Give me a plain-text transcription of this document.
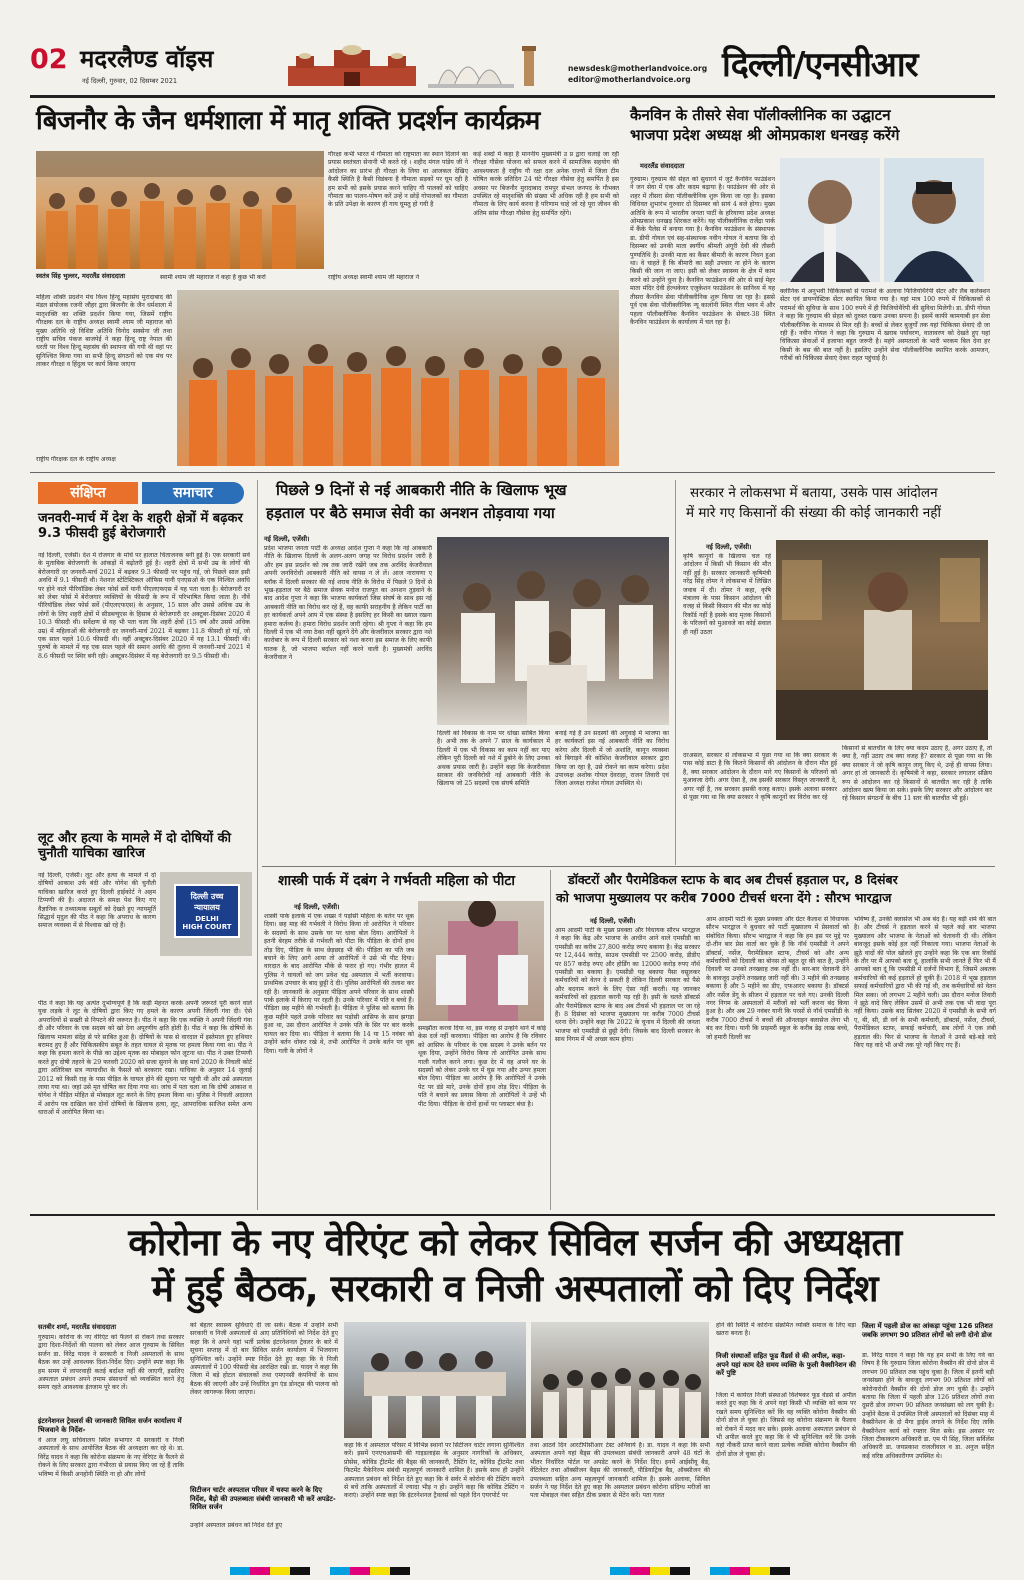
02 मदरलैण्ड वॉइस
नई दिल्ली, गुरुवार, 02 दिसम्बर 2021
newsdesk@motherlandvoice.org
editor@motherlandvoice.org दिल्ली/एनसीआर
बिजनौर के जैन धर्मशाला में मातृ शक्ति प्रदर्शन कार्यक्रम
गौरक्षा कभी भारत में गौमाता को राष्ट्रमाता का स्थान दिलाने का प्रयास स्वतंत्रता सेनानी भी करते रहे । शहीद मंगल पांडेय जी ने आंदोलन का प्रारंभ ही गौरक्षा के लिया था आजकल देखिए कैसी स्थिति है कैसी विडंबना है गौमाता सड़कों पर घूम रही है हम सभी को इसके प्रयास करने चाहिए गौ पालकों को चाहिए गौमाता का पालन-पोषण करें उन्हें न छोड़ें गोपालकों का गौमाता के प्रति उपेक्षा के कारण ही गाय घूमतु हो गयी है
कड़े शब्दों में कहा है माननीय मुख्यमंत्री उ प्र द्वारा चलाई जा रही गौरक्षा गौसेवा योजना को सफल करने में सामाजिक सहयोग की आवश्यकता है राष्ट्रीय गौ रक्षा दल अनेक राज्यों में जिला टीम घोषित करके प्रतिदिन 24 घंटे गौरक्षा गौसेवा हेतु समर्पित है इस अवसर पर बिजनौर मुरादाबाद रामपुर संभल जनपद के गौभक्त उपस्थित रहे मातृशक्ति की संख्या भी अधिक रही है हम सभी को गौमाता के लिए कार्य करना है परिणाम चाहे जो रहे पूरा जीवन की अंतिम सांस गौरक्षा गौसेवा हेतु समर्पित रहेंगे।
स्वतंत्र सिंह भुल्लर, मदरलैंड संवाददाता	स्वामी श्याम जी महाराज ने कहा है कुछ भी करो	राष्ट्रीय अध्यक्ष स्वामी श्याम जी महाराज ने
महिला शक्ति प्रदर्शन मंच विश्व हिन्दू महासंघ मुरादाबाद की मंडल संयोजक रजनी जौहर द्वारा बिजनौर के जैन धर्मशाला में मातृशक्ति का शक्ति प्रदर्शन किया गया, जिसमें राष्ट्रीय गौरक्षक दल के राष्ट्रीय अध्यक्ष स्वामी श्याम जी महाराज को मुख्य अतिथि रहे विशिष्ट अतिथि विनोद सक्सेना जी तथा राष्ट्रीय सचिव पंकज बाजपेई ने कहा हिन्दू राष्ट्र नेपाल की धरती पर विश्व हिन्दू महासंघ की स्थापना की गयी थी वहां पर सुनिश्चित किया गया था सभी हिन्दू संगठनों को एक मंच पर लाकर गौरक्षा व हिंदुत्व पर कार्य किया जाएगा
राष्ट्रीय गौरक्षक दल के राष्ट्रीय अध्यक्ष
कैनविन के तीसरे सेवा पॉलीक्लीनिक का उद्घाटन
भाजपा प्रदेश अध्यक्ष श्री ओमप्रकाश धनखड़ करेंगे
मदरलैंड संवाददाता
गुरुग्राम। गुरुग्राम की सेहत को सुधारने में जुटे कैनविन फाउंडेशन ने जन सेवा में एक और कदम बढ़ाया है। फाउंडेशन की ओर से शहर में तीसरा सेवा पॉलीक्लीनिक शुरू किया जा रहा है। इसका विधिवत शुभारंभ गुरुवार दो दिसम्बर को सायं 4 बजे होगा। मुख्य अतिथि के रूप में भारतीय जनता पार्टी के हरियाणा प्रदेश अध्यक्ष ओमप्रकाश धनखड़ शिरकत करेंगे। यह पॉलीक्लीनिक राजेंद्रा पार्क में कैंके पैलेस में बनाया गया है। कैनविन फाउंडेशन के संस्थापक डा. डीपी गोयल एवं सह-संस्थापक नवीन गोयल ने बताया कि दो दिसम्बर को उनकी माता स्वर्गीय श्रीमती अंगूरी देवी की तीसरी पुण्यतिथि है। उनकी माता का कैंसर बीमारी के कारण निधन हुआ था। वे चाहते हैं कि बीमारी का सही उपचार ना होने के कारण किसी की जान ना जाए। इसी को लेकर स्वास्थ्य के क्षेत्र में काम करने को उन्होंने चुना है। कैनविन फाउंडेशन की ओर से साई मेहर माता मंदिर देवी हेल्थकेयर एजुकेशन फाउंडेशन के सानिध्य में यह तीसरा कैनविन सेवा पॉलीक्लीनिक शुरू किया जा रहा है। इससे पूर्व एक सेवा पॉलीक्लीनिक न्यू कालोनी स्थित गीता भवन में और पहला पॉलीक्लीनिक कैनविन फाउंडेशन के सेक्टर-38 स्थित कैनविन फाउंडेशन के कार्यालय में चल रहा है।
क्लीनिक में अनुभवी चिकित्सकों से परामर्श के अलावा फिजियोथैरेपी सेंटर और लैब कलेक्शन सेंटर एवं डायग्नोस्टिक सेंटर स्थापित किया गया है। यहां मात्र 100 रुपये में चिकित्सकों से परामर्श की सुविधा के साथ 100 रुपये में ही फिजियोथैरेपी की सुविधा मिलेगी। डा. डीपी गोयल ने कहा कि गुरुग्राम की सेहत को दुरुस्त रखना उनका सपना है। इसमें काफी कामयाबी इन सेवा पॉलीक्लीनिक के माध्यम से मिल रही है। बच्चों से लेकर बुजुर्गों तक यहां चिकित्सा सेवाएं दी जा रही हैं। नवीन गोयल ने कहा कि गुरुग्राम में खराब पर्यावरण, वातावरण को देखते हुए यहां चिकित्सा सेवाओं में इजाफा बहुत जरूरी है। महंगे अस्पतालों के भारी भरकम बिल देना हर किसी के बस की बात नहीं है। इसलिए उन्होंने सेवा पॉलीक्लीनिक स्थापित करके आमजन, गरीबों को चिकित्सा सेवाएं देकर राहत पहुंचाई है।
संक्षिप्त	समाचार
जनवरी-मार्च में देश के शहरी क्षेत्रों में बढ़कर 9.3 फीसदी हुई बेरोजगारी
नई दिल्ली, एजेंसी। देश में रोजगार के मोर्चे पर हालात चिंताजनक बनी हुई है। एक सरकारी सर्वे के मुताबिक बेरोजगारी के आंकड़ों में बढ़ोतरी हुई है। शहरी क्षेत्रों में सभी उम्र के लोगों की बेरोजगारी दर जनवरी-मार्च 2021 में बढ़कर 9.3 फीसदी पर पहुंच गई, जो पिछले साल इसी अवधि में 9.1 फीसदी थी। नेशनल स्टेटिस्टिकल ऑफिस यानी एनएसओ के एक निश्चित अवधि पर होने वाले पीरियॉडिक लेबर फोर्स सर्वे यानी पीएलएफएस में यह पता चला है। बेरोजगारी दर को लेबर फोर्स में बेरोजगार व्यक्तियों के फीसदी के रूप में परिभाषित किया जाता है। नौवें पीरियॉडिक लेबर फोर्स सर्वे (पीएलएफएस) के अनुसार, 15 साल और उससे अधिक उम्र के लोगों के लिए शहरी क्षेत्रों में सीडब्ल्यूएस के हिसाब से बेरोजगारी दर अक्टूबर-दिसंबर 2020 में 10.3 फीसदी थी। सर्वेक्षण से यह भी पता चला कि शहरी क्षेत्रों (15 वर्ष और उससे अधिक उम्र) में महिलाओं की बेरोजगारी दर जनवरी-मार्च 2021 में बढ़कर 11.8 फीसदी हो गई, जो एक साल पहले 10.6 फीसदी थी। वहीं अक्टूबर-दिसंबर 2020 में यह 13.1 फीसदी थी। पुरुषों के मामले में यह एक साल पहले की समान अवधि की तुलना में जनवरी-मार्च 2021 में 8.6 फीसदी पर स्थिर बनी रही। अक्टूबर-दिसंबर में यह बेरोजगारी दर 9.5 फीसदी थी।
लूट और हत्या के मामले में दो दोषियों की चुनौती याचिका खारिज
नई दिल्ली, एजेंसी। लूट और हत्या के मामले में दो दोषियों आकाश उर्फ बंदी और योगेश की चुनौती याचिका खारिज करते हुए दिल्ली हाईकोर्ट ने अहम टिप्पणी की है। अदालत के समक्ष पेश किए गए वैज्ञानिक व तथ्यात्मक सबूतों को देखते हुए न्यायमूर्ति सिद्धार्थ मृदुल की पीठ ने कहा कि अपराध के कारण समाज व्यवस्था में से विश्वास खो रहे हैं।
दिल्ली उच्च
न्यायालय
DELHI
HIGH COURT
पीठ ने कहा कि यह अत्यंत दुर्भाग्यपूर्ण है कि कड़ी मेहनत करके अपनी जरूरतें पूरी करने वाले युवा लड़के ने लूट के दोषियों द्वारा किए गए हमले के कारण अपनी जिंदगी गंवा दी। ऐसे अपराधियों से सख्ती से निपटने की जरूरत है। पीठ ने कहा कि एक व्यक्ति ने अपनी जिंदगी गंवा दी और परिवार के एक सदस्य को खो देना अपूरणीय क्षति होती है। पीठ ने कहा कि दोषियों के खिलाफ मामला संदेह से परे साबित हुआ है। दोषियों के पास से वारदात में इस्तेमाल हुए हथियार बरामद हुए हैं और चिकित्सकीय सबूत के तहत घायल से मृतक पर हमला किया गया था। पीठ ने कहा कि हमला करने के पीछे का उद्देश्य मृतक का मोबाइल फोन लूटना था। पीठ ने उक्त टिप्पणी करते हुए दोषी तहरने के 29 फरवरी 2020 को सजा सुनाने के छह मार्च 2020 के निचली कोर्ट द्वारा अतिरिक्त सत्र न्यायाधीश के फैसले को बरकरार रखा। याचिका के अनुसार 14 जुलाई 2012 को किसी राह के पास पीड़ित के घायल होने की सूचना पर पहुंची थी और उसे अस्पताल लाया गया था। जहां उसे मृत घोषित कर दिया गया था। जांच में पता चला था कि दोषी आकाश व योगेश ने पीड़ित मोहित से मोबाइल लूट करने के लिए हमला किया था। पुलिस ने निचली अदालत में आरोप पत्र दाखिल कर दोनों दोषियों के खिलाफ हत्या, लूट, आपराधिक साजिश समेत अन्य धाराओं में आरोपित किया था।
पिछले 9 दिनों से नई आबकारी नीति के खिलाफ भूख
हड़ताल पर बैठे समाज सेवी का अनशन तोड़वाया गया
नई दिल्ली, एजेंसी।
प्रदेश भाजपा जनता पार्टी के अध्यक्ष आदेश गुप्ता ने कहा कि नई आबकारी नीति के खिलाफ दिल्ली के अलग-अलग जगह पर विरोध प्रदर्शन जारी है और हम इस प्रदर्शन को तब तक जारी रखेंगे जब तक अरविंद केजरीवाल अपनी जनविरोधी आबकारी नीति को वापस न ले लें। आज नारायणा ए ब्लॉक में दिल्ली सरकार की नई शराब नीति के विरोध में पिछले 9 दिनों से भूख-हड़ताल पर बैठे समाज सेवक मनोज राजपूत का अनशन तुड़वाने के बाद आदेश गुप्ता ने कहा कि भाजपा कार्यकर्ता जिस संघर्ष के साथ इस नई आबकारी नीति का विरोध कर रहे हैं, वह काफी सराहनीय है लेकिन पार्टी का हर कार्यकर्ता अपने आप में एक संस्था है इसलिए हर किसी का ख्याल रखना हमारा कर्तव्य है। हमारा विरोध प्रदर्शन जारी रहेगा। श्री गुप्ता ने कहा कि हम दिल्ली में एक भी नया ठेका नहीं खुलने देंगे और केजरीवाल सरकार द्वारा नशे कारोबार के रूप में दिल्ली सरकार को नशा करना इस समाज के लिए काफी घातक है, जो भाजपा बर्दाश्त नहीं करने वाली है। मुख्यमंत्री अरविंद केजरीवाल ने
दिल्ली को विकास के नाम पर धोखा साबित किया है। अभी तक के अपने 7 साल के कार्यकाल में दिल्ली में एक भी विकास का काम नहीं कर पाए लेकिन पूरी दिल्ली को नशे में डुबोने के लिए उनका अथक प्रयास जारी है। उन्होंने कहा कि केजरीवाल सरकार की जनविरोधी नई आबकारी नीति के खिलाफ जो 25 सदस्यों एक संघर्ष समिति
बनाई गई है उन सदस्यों की अगुवाई में भाजपा का हर कार्यकर्ता इस नई आबकारी नीति का विरोध करेगा और दिल्ली में जो अशांति, कानून व्यवस्था को बिगाड़ने की कोशिश केजरीवाल सरकार द्वारा किया जा रहा है, उसे रोकने का काम करेगा। प्रदेश उपाध्यक्ष अशोक गोयल देवराहा, राजन तिवारी एवं जिला अध्यक्ष राजेश गोयल उपस्थित थे।
सरकार ने लोकसभा में बताया, उसके पास आंदोलन
में मारे गए किसानों की संख्या की कोई जानकारी नहीं
नई दिल्ली, एजेंसी।
कृषि कानूनों के खिलाफ चल रहे आंदोलन में किसी भी किसान की मौत नहीं हुई है। सरकार जानकारी कृषिमंत्री नरेंद्र सिंह तोमर ने लोकसभा में लिखित जवाब में दी। तोमर ने कहा, कृषि मंत्रालय के पास किसान आंदोलन की वजह से किसी किसान की मौत का कोई रिकॉर्ड नहीं है इसके बाद मृतक किसानों के परिजनों को मुआवजे का कोई सवाल ही नहीं उठता
दरअसल, सरकार से लोकसभा में पूछा गया था कि क्या सरकार के पास कोई डाटा है कि कितने किसानों की आंदोलन के दौरान मौत हुई है, क्या सरकार आंदोलन के दौरान मारे गए किसानों के परिजनों को मुआवजा देगी। अगर ऐसा है, तब इसकी सरकार विस्तृत जानकारी दे, अगर नहीं है, तब सरकार इसकी वजह बताए। इसके अलावा सरकार से पूछा गया था कि क्या सरकार ने कृषि कानूनों का विरोध कर रहे
किसानों से बातचीत के लिए क्या कदम उठाए हैं, अगर उठाए हैं, तो क्या है, नहीं उठाए तब क्या वजह है? सरकार से पूछा गया था कि क्या सरकार ने जो कृषि कानून लागू किए थे, उन्हें ही वापस लिया। अगर हां तो जानकारी दें। कृषिमंत्री ने कहा, सरकार लगातार संक्रिय रूप से आंदोलन कर रहे किसानों से बातचीत कर रही है ताकि आंदोलन खत्म किया जा सके। इसके लिए सरकार और आंदोलन कर रहे किसान संगठनों के बीच 11 स्तर की बातचीत भी हुई।
शास्त्री पार्क में दबंग ने गर्भवती महिला को पीटा
नई दिल्ली, एजेंसी।
शास्त्री पार्क इलाके में एक शख्स ने पड़ोसी महिला के बर्तन पर थूक दिया। छह माह की गर्भवती ने विरोध किया तो आरोपित ने परिवार के सदस्यों के साथ उसके घर पर धावा बोल दिया। आरोपितों ने इतनी बेरहम तरीके से गर्भवती को पीटा कि पीड़िता के दोनों हाथ तोड़ दिए, पीड़िता के साथ छेड़छाड़ भी की। पीड़िता का पति जब बचाने के लिए आगे आया तो आरोपितों ने उसे भी पीट दिया। वारदात के बाद आरोपित मौके से फरार हो गए। गंभीर हालत में पुलिस ने घायलों को जग प्रवेश चंद्र अस्पताल में भर्ती करवाया। प्राथमिक उपचार के बाद छुट्टी दे दी। पुलिस आरोपितों की तलाश कर रही है। जानकारी के अनुसार पीड़िता अपने परिवार के साथ शास्त्री पार्क इलाके में किराए पर रहती है। उनके परिवार में पति व बच्चे हैं। पीड़िता छह महीने की गर्भवती है। पीड़िता ने पुलिस को बताया कि कुछ महीने पहले उनके परिवार का पड़ोसी आसिफ के साथ झगड़ा हुआ था, उस दौरान आरोपित ने उनके पति के सिर पर बार करके घायल कर दिया था। पीड़िता ने बताया कि 14 या 15 नवंबर को उन्होंने बर्तन धोकर रखे थे, तभी आरोपित ने उनके बर्तन पर थूक दिया। गली के लोगों ने
समझौता करवा दिया था, इस वजह से उन्होंने थाने में कोई केस दर्ज नहीं करवाया। पीड़िता का आरोप है कि रविवार को आसिफ के परिवार के एक सदस्य ने उनके बर्तन पर थूक दिया, उन्होंने विरोध किया तो आरोपित उनके साथ गाली गलौज करने लगा। कुछ देर में वह अपने घर के सदस्यों को लेकर उनके घर में घुस गया और उन्पर हमला बोल दिया। पीड़िता का आरोप है कि आरोपितों ने उनके पेट पर डंडे मारे, उनके दोनों हाथ तोड़ दिए। पीड़िता के पति ने बचाने का प्रयास किया तो आरोपितों ने उन्हें भी पीट दिया। पीड़िता के दोनों हाथों पर प्लास्टर बंधा है।
डॉक्टरों और पैरामेडिकल स्टाफ के बाद अब टीचर्स हड़ताल पर, 8 दिसंबर
को भाजपा मुख्यालय पर करीब 7000 टीचर्स धरना देंगे : सौरभ भारद्वाज
नई दिल्ली, एजेंसी।
आम आदमी पार्टी के मुख्य प्रवक्ता और विधायक सौरभ भारद्वाज ने कहा कि केंद्र और भाजपा के आधीन आने वाले एमसीडी का एमसीडी का करीब 27,800 करोड़ रुपए बकाया है। केंद्र सरकार पर 12,444 करोड़, साउथ एमसीडी पर 2500 करोड़, डीडीए पर 857 करोड़ रुपए और होर्डिंग का 12000 करोड़ रुपए नॉर्थ एमसीडी का बकाया है। एमसीडी यह बकाया पैसा वसूलकर कर्मचारियों को वेतन दे सकती है लेकिन दिल्ली सरकार को पैसे और बदनाम करने के लिए ऐसा नहीं करती। यह जानकर कर्मचारियों को हड़ताल करनी पड़ रही है। इसी के चलते डॉक्टर्स और पैरामेडिकल स्टाफ के बाद अब टीचर्स भी हड़ताल पर जा रहे हैं। 8 दिसंबर को भाजपा मुख्यालय पर करीब 7000 टीचर्स धरना देंगे। उन्होंने कहा कि 2022 के चुनाव में दिल्ली की जनता भाजपा को एमसीडी से छुट्टी देगी। जिसके बाद दिल्ली सरकार के साथ निगम में भी अच्छा काम होगा।
आम आदमी पार्टी के मुख्य प्रवक्ता और ग्रेटर कैलाश से विधायक सौरभ भारद्वाज ने बुधवार को पार्टी मुख्यालय में प्रेसवार्ता को संबोधित किया। सौरभ भारद्वाज ने कहा कि हम इस पर मुद्दे पर दो-तीन बार प्रेस वार्ता कर चुके हैं कि नॉर्थ एमसीडी ने अपने डॉक्टर्स, नर्सेज, पैरामेडिकल स्टाफ, टीचर्स को और अन्य कर्मचारियों को दिवाली का बोनस तो बहुत दूर की बात है, उन्होंने दिवाली पर उनको तनख्वाह तक नहीं दी। बार-बार चेतावनी देने के बावजूद उन्होंने तनख्वाह जारी नहीं की। 3 महीने की तनख्वाह बकाया है और 5 महीने का डीए, एफआरए बकाया है। डॉक्टर्स और नर्सेज डेंगू के सीजन में हड़ताल पर चले गए। उनकी दिल्ली नगर निगम के अस्पतालों में मरीजों को भर्ती करना बंद किया हुआ है। और अब 29 नवंबर यानी कि परसों से नॉर्थ एमसीडी के करीब 7000 टीचर्स ने बच्चों की ऑनलाइन क्लासेज लेना भी बंद कर दिया। यानी कि प्राइमरी स्कूल के करीब डेढ़ लाख बच्चे, जो हमारी दिल्ली का
भविष्य हैं, उनकी क्लासेज भी अब बंद हैं। यह बड़ी शर्म की बात है। और टीचर्स ने हड़ताल करने से पहले कई बार भाजपा मुख्यालय और भाजपा के नेताओं को चेतावनी दी थी। लेकिन बावजूद इसके कोई हल नहीं निकाला गया। भाजपा नेताओं के झूठे वादों की पोल खोलते हुए उन्होंने कहा कि एक बार रिकॉर्ड के तौर पर मैं आपको बता दूं, हालांकि सभी जानते हैं फिर भी मैं आपको बता दूं कि एमसीडी में दर्जनों विभाग हैं, जिसमें अबतक कर्मचारियों की कई हड़तालें हो चुकी हैं। 2018 में भूख हड़ताल सफाई कर्मचारियों द्वारा भी की गई थी, तब कर्मचारियों को वेतन मिल सका। जो लगभग 2 महीने चली। उस दौरान मनोज तिवारी ने झूठे वादे किए लेकिन उसमें से अभी तक एक भी वादा पूरा नहीं किया। उसके बाद सितंबर 2020 में एमसीडी के सभी वर्ग ए, बी, सी, डी वर्ग के सभी कर्मचारी, डॉक्टर्स, नर्सेज, टीचर्स, पैरामेडिकल स्टाफ, सफाई कर्मचारी, सब लोगों ने एक लंबी हड़ताल की। फिर से भाजपा के नेताओं ने उनसे बड़े-बड़े वादे किए यह वादे भी अभी तक पूरे नहीं किए गए हैं।
कोरोना के नए वेरिएंट को लेकर सिविल सर्जन की अध्यक्षता
में हुई बैठक, सरकारी व निजी अस्पतालों को दिए निर्देश
सतबीर शर्मा, मदरलैंड संवाददाता
गुरुग्राम। कोरोना के नए वेरिएंट को फैलने से रोकने तथा सरकार द्वारा दिशा-निर्देशों की पालना को लेकर आज गुरुग्राम के सिविल सर्जन डा. विरेंद्र यादव ने सरकारी व निजी अस्पतालों के साथ बैठक कर उन्हें आवश्यक दिशा-निर्देश दिए। उन्होंने स्पष्ट कहा कि हम समय में लापरवाही कतई बर्दाश्त नहीं की जाएगी, इसलिए अस्पताल प्रबंधन अपने तमाम संसाधनों को व्यवस्थित करने हेतु समय रहते आवश्यक इंतजाम पूरे कर लें।
इंटरनेशनल ट्रेवलर्स की जानकारी सिविल सर्जन कार्यालय में भिजवाने के निर्देश-
वे आज लघु सचिवालय स्थित सभागार में सरकारी व निजी अस्पतालों के साथ आयोजित बैठक की अध्यक्षता कर रहे थे। डा. विरेंद्र यादव ने कहा कि कोरोना संक्रमण के नए वेरिएंट के फैलने से रोकने के लिए सरकार द्वारा गंभीरता से प्रयास किए जा रहे हैं ताकि भविष्य में किसी अनहोनी स्थिति ना हो और लोगों
को बेहतर स्वास्थ्य सुविधाएं दी जा सकें। बैठक में उन्होंने सभी सरकारी व निजी अस्पतालों से आए प्रतिनिधियों को निर्देश देते हुए कहा कि वे अपने यहां भर्ती प्रत्येक इंटरनेशनल ट्रेवलर के बारे में सूचना सप्ताह में दो बार सिविल सर्जन कार्यालय में भिजवाना सुनिश्चित करें। उन्होंने स्पष्ट निर्देश देते हुए कहा कि वे निजी अस्पतालों में 100 फीसदी बेड आरक्षित रखें। डा. यादव ने कहा कि जिला में बड़े होटल संचालकों तथा एमएनसी कंपनियों के साथ बैठक की जाएगी और उन्हें निर्धारित ड्रग एंड डोनट्स की पालना को लेकर जागरूक किया जाएगा।
सिटीजन चार्टर अस्पताल परिसर में चस्पा करने के दिए निर्देश, बैड़ो की उपलब्धता संबंधी जानकारी भी करें अपडेट-सिविल सर्जन
उन्होंने अस्पताल प्रबंधन को निर्देश देते हुए
कहा कि वे अस्पताल परिसर में विभिन्न स्थानों पर सिटीजन चार्टर लगाना सुनिश्चित करें। इसमें एनएचआसमी की गाइडलाइंस के अनुसार नागरिकों के अधिकार, प्रोसेस, कोविड ट्रीटमेंट की बैड्स की जानकारी, टैस्टिंग रेट, कोविड ट्रीटमेंट तथा फिटमेंट मैकेनिज्म संबंधी महत्वपूर्ण जानकारी शामिल है। इसके साथ ही उन्होंने अस्पताल प्रबंधन को निर्देश देते हुए कहा कि वे सर्वर में कोरोना की टेस्टिंग कराने से बचें ताकि अस्पतालों में ज्यादा भीड़ न हो। उन्होंने कहा कि कोविड टेस्टिंग न कराएं। उन्होंने स्पष्ट कहा कि इंटरनेशनल ट्रैवलर्स को पहले दिन एयरपोर्ट पर
तथा आठवें दिन आरटीपीसीआर टेस्ट अनिवार्य है। डा. यादव ने कहा कि सभी अस्पताल अपने यहां बैड्स की उपलब्धता संबंधी जानकारी अपने 48 घंटों के भीतर निर्धारित पोर्टल पर अपडेट करने के निर्देश दिए। इनमें आईसीयू बैड, वेंटिलेटर तथा ऑक्सीजन बैड्स की जानकारी, पीडियाट्रिक बैड, ऑक्सीजन की उपलब्धता सहित अन्य महत्वपूर्ण जानकारी शामिल है। इसके अलावा, सिविल सर्जन ने यह निर्देश देते हुए कहा कि अस्पताल प्रबंधन कोरोना संदिग्ध मरीजों का पता मोबाइल नंबर सहित ठीक प्रकार से मेंटेन करें। पता गलत
होने की स्थिति में कोरोना संक्रमित व्यक्ति समाज के लिए बड़ा खतरा बनता है।
निजी संस्थाओं सहित फूड वैंडर्स से की अपील, कहा-अपने यहां काम देते समय व्यक्ति के फुली वैक्सीनेशन की करें पुष्टि
जिला में कार्यरत निजी संस्थाओं विशेषकर फूड वेंडर्स से अपील करते हुए कहा कि वे अपने यहां किसी भी व्यक्ति को काम पर रखते समय सुनिश्चित करें कि वह व्यक्ति कोरोना वैक्सीन की दोनों डोज ले चुका हो। जिससे वह कोरोना संक्रमण के फैलाव को रोकने में मदद कर सके। इसके अलावा अस्पताल प्रबंधन से भी अपील करते हुए कहा कि वे भी सुनिश्चित करें कि उनके यहां नौकरी प्राप्त करने वाला प्रत्येक व्यक्ति कोरोना वैक्सीन की दोनों डोज ले चुका हो।
जिला में पहली डोज का आंकड़ा पहुंचा 126 प्रतिशत जबकि लगभग 90 प्रतिशत लोगों को लगी दोनो डोज
डा. विरेंद्र यादव ने कहा कि यह हम सभी के लिए गर्व का विषय है कि गुरुग्राम जिला कोरोना वैक्सीन की दोनो डोज में लगभग 90 प्रतिशत तक पहुंच चुका है। जिला में इतनी बड़ी जनसंख्या होने के बावजूद लगभग 90 प्रतिशत लोगों को कोरोनारोधी वैक्सीन की दोनो डोज लग चुकी है। उन्होंने बताया कि जिला में पहली डोज 126 प्रतिशत लोगों तथा दूसरी डोज लगभग 90 प्रतिशत जनसंख्या को लग चुकी है। उन्होंने बैठक में उपस्थित निजी अस्पतालों को दिसंबर माह में वैक्सीनेशन के दो मैगा ड्राईव लगाने के निर्देश दिए ताकि वैक्सीनेशन कार्य को रफ्तार मिल सके। इस अवसर पर जिला टीकाकरण अधिकारी डा. एम पी सिंह, जिला सर्विलेंस अधिकारी डा. जयप्रकाश राजलीवाल व डा. अनुज सहित कई वरिष्ठ अधिकारीगण उपस्थित थे।
